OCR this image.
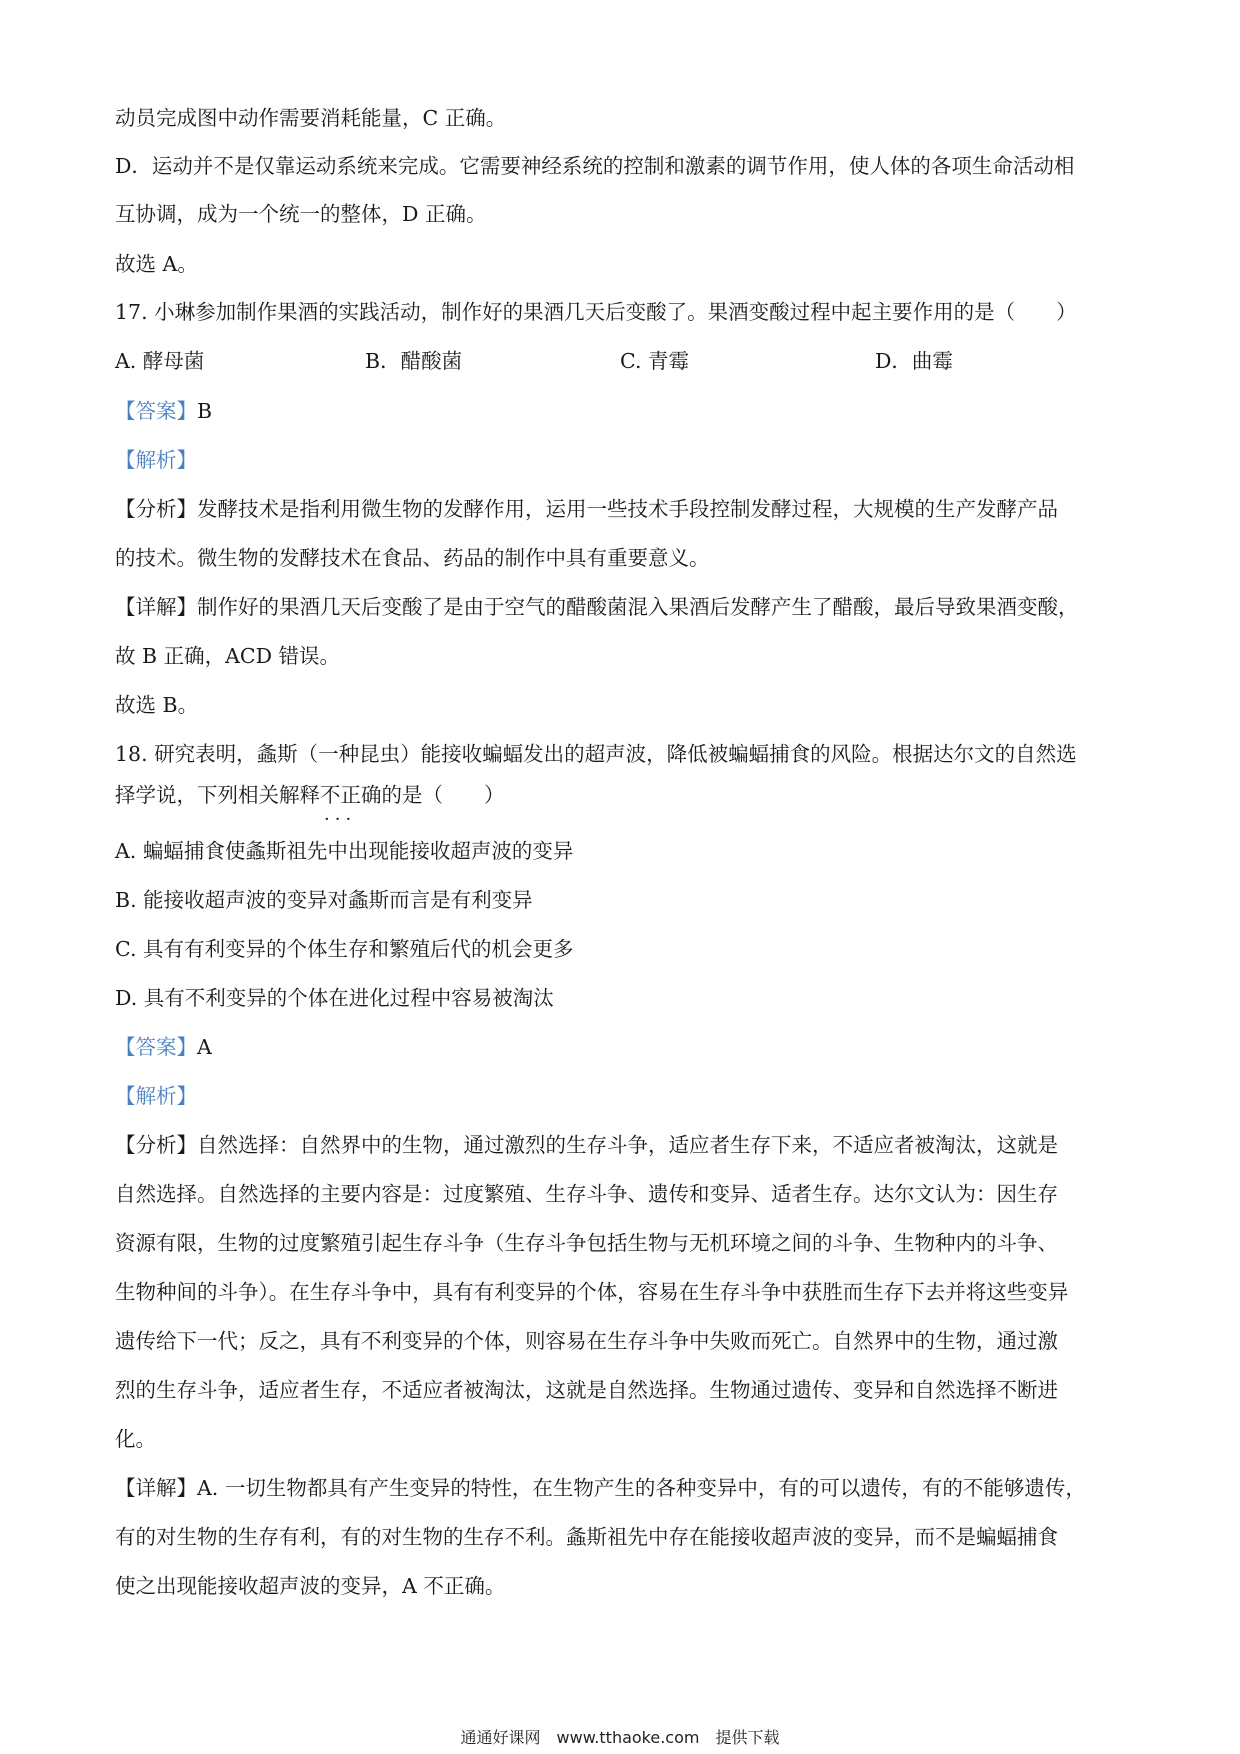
动员完成图中动作需要消耗能量，C 正确。
D．运动并不是仅靠运动系统来完成。它需要神经系统的控制和激素的调节作用，使人体的各项生命活动相
互协调，成为一个统一的整体，D 正确。
故选 A。
17. 小琳参加制作果酒的实践活动，制作好的果酒几天后变酸了。果酒变酸过程中起主要作用的是（　　）
A. 酵母菌	B．醋酸菌	C. 青霉	D．曲霉
【答案】B
【解析】
【分析】发酵技术是指利用微生物的发酵作用，运用一些技术手段控制发酵过程，大规模的生产发酵产品
的技术。微生物的发酵技术在食品、药品的制作中具有重要意义。
【详解】制作好的果酒几天后变酸了是由于空气的醋酸菌混入果酒后发酵产生了醋酸，最后导致果酒变酸，
故 B 正确，ACD 错误。
故选 B。
18. 研究表明，螽斯（一种昆虫）能接收蝙蝠发出的超声波，降低被蝙蝠捕食的风险。根据达尔文的自然选
择学说，下列相关解释不正确 ···的是（　　）
A. 蝙蝠捕食使螽斯祖先中出现能接收超声波的变异
B. 能接收超声波的变异对螽斯而言是有利变异
C. 具有有利变异的个体生存和繁殖后代的机会更多
D. 具有不利变异的个体在进化过程中容易被淘汰
【答案】A
【解析】
【分析】自然选择：自然界中的生物，通过激烈的生存斗争，适应者生存下来，不适应者被淘汰，这就是
自然选择。自然选择的主要内容是：过度繁殖、生存斗争、遗传和变异、适者生存。达尔文认为：因生存
资源有限，生物的过度繁殖引起生存斗争（生存斗争包括生物与无机环境之间的斗争、生物种内的斗争、
生物种间的斗争）。在生存斗争中，具有有利变异的个体，容易在生存斗争中获胜而生存下去并将这些变异
遗传给下一代；反之，具有不利变异的个体，则容易在生存斗争中失败而死亡。自然界中的生物，通过激
烈的生存斗争，适应者生存，不适应者被淘汰，这就是自然选择。生物通过遗传、变异和自然选择不断进
化。
【详解】A. 一切生物都具有产生变异的特性，在生物产生的各种变异中，有的可以遗传，有的不能够遗传，
有的对生物的生存有利，有的对生物的生存不利。螽斯祖先中存在能接收超声波的变异，而不是蝙蝠捕食
使之出现能接收超声波的变异，A 不正确。
通通好课网　www.tthaoke.com　提供下载
